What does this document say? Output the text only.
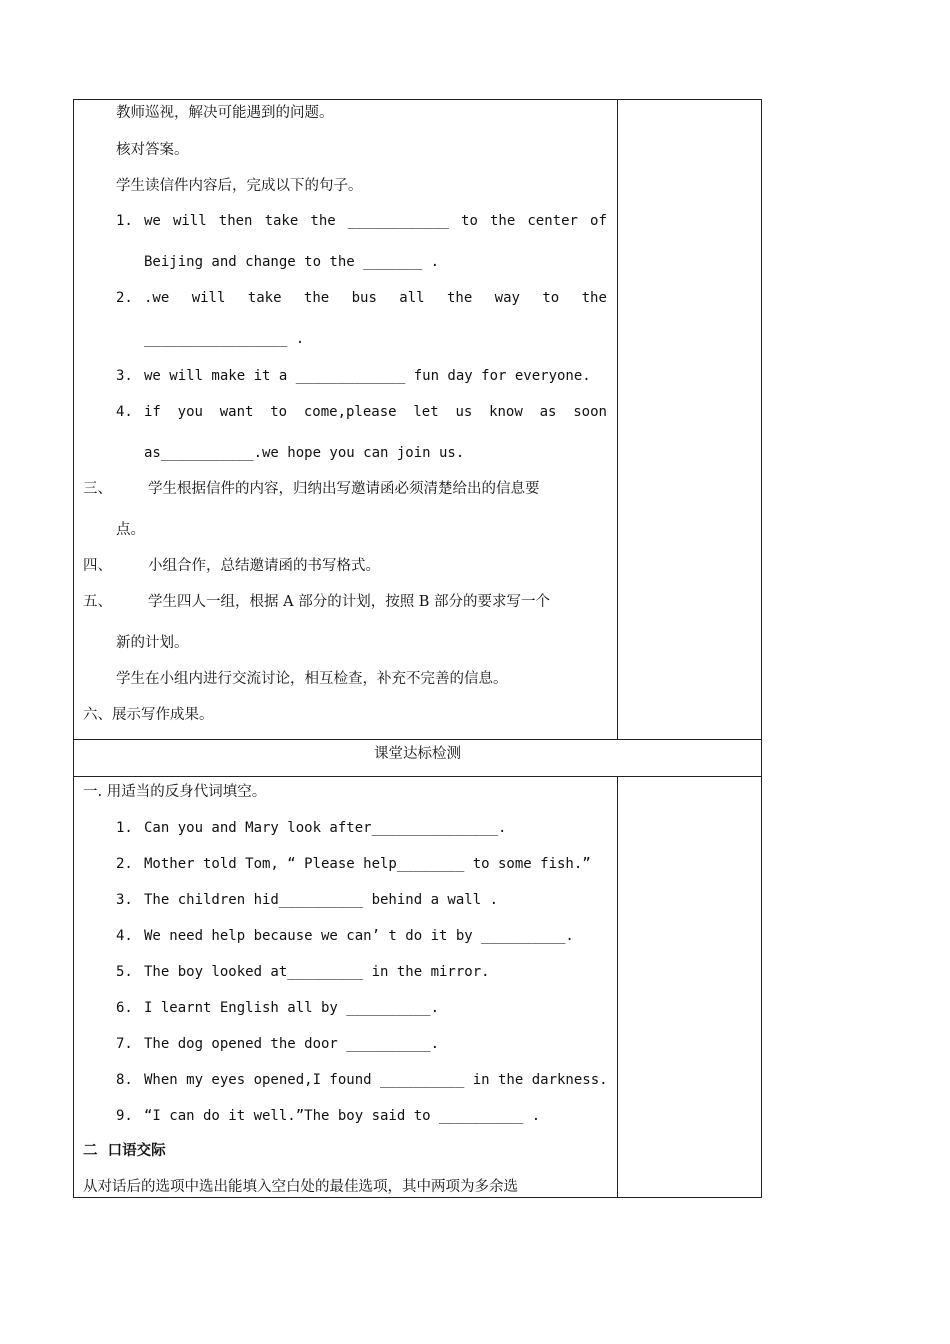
教师巡视，解决可能遇到的问题。
核对答案。
学生读信件内容后，完成以下的句子。
1. we will then take the ____________ to the center of
Beijing and change to the _______ .
2. .we will take the bus all the way to the
_________________ .
3. we will make it a _____________ fun day for everyone.
4. if you want to come,please let us know as soon
as___________.we hope you can join us.
三、 学生根据信件的内容，归纳出写邀请函必须清楚给出的信息要
点。
四、 小组合作，总结邀请函的书写格式。
五、 学生四人一组，根据 A 部分的计划，按照 B 部分的要求写一个
新的计划。
学生在小组内进行交流讨论，相互检查，补充不完善的信息。
六、展示写作成果。
课堂达标检测
一. 用适当的反身代词填空。
1. Can you and Mary look after_______________.
2. Mother told Tom, “ Please help________ to some fish.”
3. The children hid__________ behind a wall .
4. We need help because we can’ t do it by __________.
5. The boy looked at_________ in the mirror.
6. I learnt English all by __________.
7. The dog opened the door __________.
8. When my eyes opened,I found __________ in the darkness.
9. “I can do it well.”The boy said to __________ .
二  口语交际
从对话后的选项中选出能填入空白处的最佳选项，其中两项为多余选
